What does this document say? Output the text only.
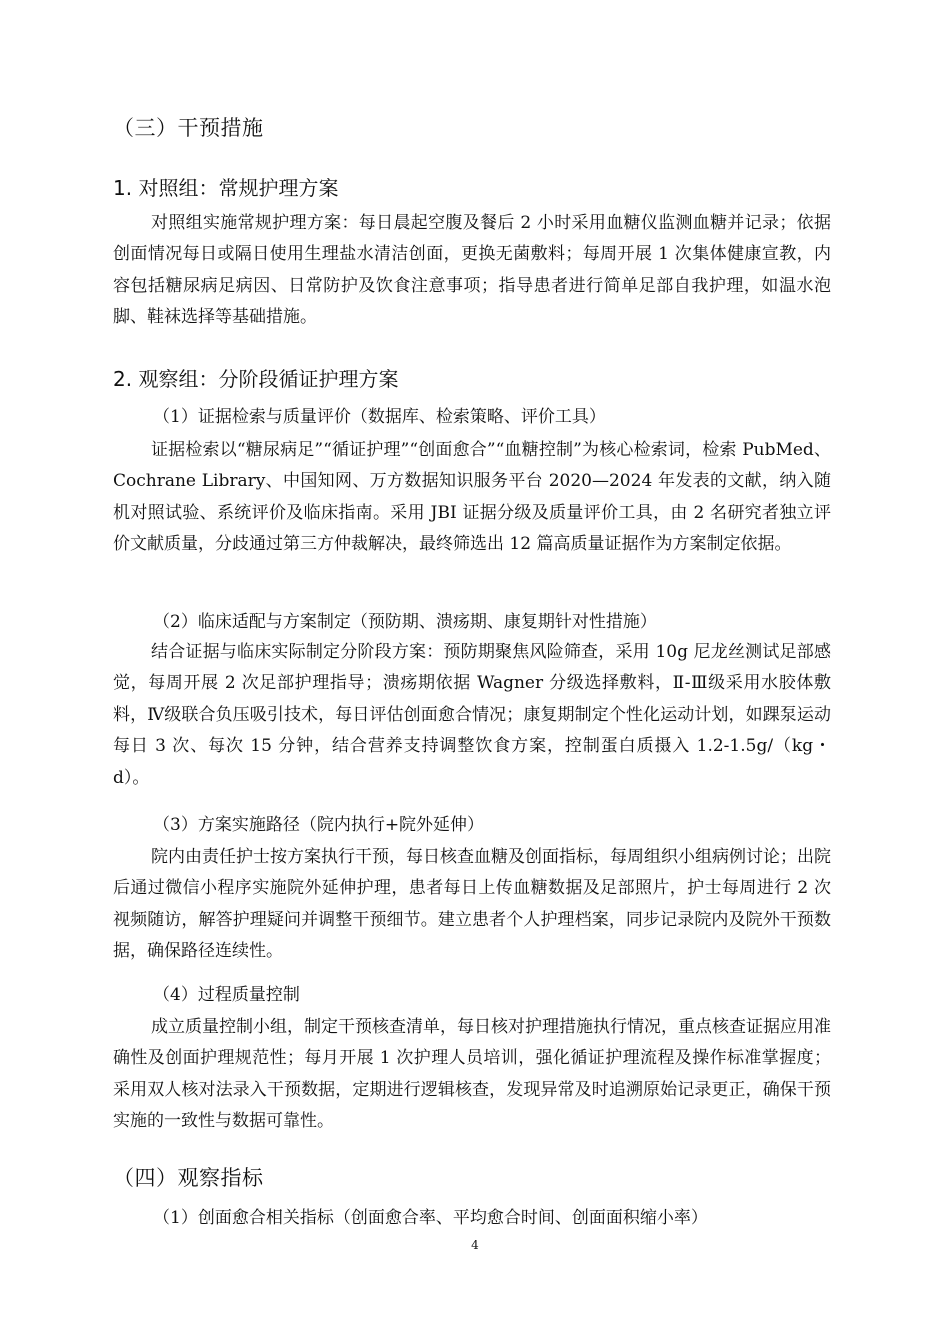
（三）干预措施
1. 对照组：常规护理方案

对照组实施常规护理方案：每日晨起空腹及餐后 2 小时采用血糖仪监测血糖并记录；依据创面情况每日或隔日使用生理盐水清洁创面，更换无菌敷料；每周开展 1 次集体健康宣教，内容包括糖尿病足病因、日常防护及饮食注意事项；指导患者进行简单足部自我护理，如温水泡脚、鞋袜选择等基础措施。

2. 观察组：分阶段循证护理方案

（1）证据检索与质量评价（数据库、检索策略、评价工具）

证据检索以“糖尿病足”“循证护理”“创面愈合”“血糖控制”为核心检索词，检索 PubMed、Cochrane Library、中国知网、万方数据知识服务平台 2020—2024 年发表的文献，纳入随机对照试验、系统评价及临床指南。采用 JBI 证据分级及质量评价工具，由 2 名研究者独立评价文献质量，分歧通过第三方仲裁解决，最终筛选出 12 篇高质量证据作为方案制定依据。

（2）临床适配与方案制定（预防期、溃疡期、康复期针对性措施）

结合证据与临床实际制定分阶段方案：预防期聚焦风险筛查，采用 10g 尼龙丝测试足部感觉，每周开展 2 次足部护理指导；溃疡期依据 Wagner 分级选择敷料，Ⅱ-Ⅲ级采用水胶体敷料，Ⅳ级联合负压吸引技术，每日评估创面愈合情况；康复期制定个性化运动计划，如踝泵运动每日 3 次、每次 15 分钟，结合营养支持调整饮食方案，控制蛋白质摄入 1.2-1.5g/（kg・d）。

（3）方案实施路径（院内执行+院外延伸）

院内由责任护士按方案执行干预，每日核查血糖及创面指标，每周组织小组病例讨论；出院后通过微信小程序实施院外延伸护理，患者每日上传血糖数据及足部照片，护士每周进行 2 次视频随访，解答护理疑问并调整干预细节。建立患者个人护理档案，同步记录院内及院外干预数据，确保路径连续性。

（4）过程质量控制

成立质量控制小组，制定干预核查清单，每日核对护理措施执行情况，重点核查证据应用准确性及创面护理规范性；每月开展 1 次护理人员培训，强化循证护理流程及操作标准掌握度；采用双人核对法录入干预数据，定期进行逻辑核查，发现异常及时追溯原始记录更正，确保干预实施的一致性与数据可靠性。

（四）观察指标

（1）创面愈合相关指标（创面愈合率、平均愈合时间、创面面积缩小率）

4
